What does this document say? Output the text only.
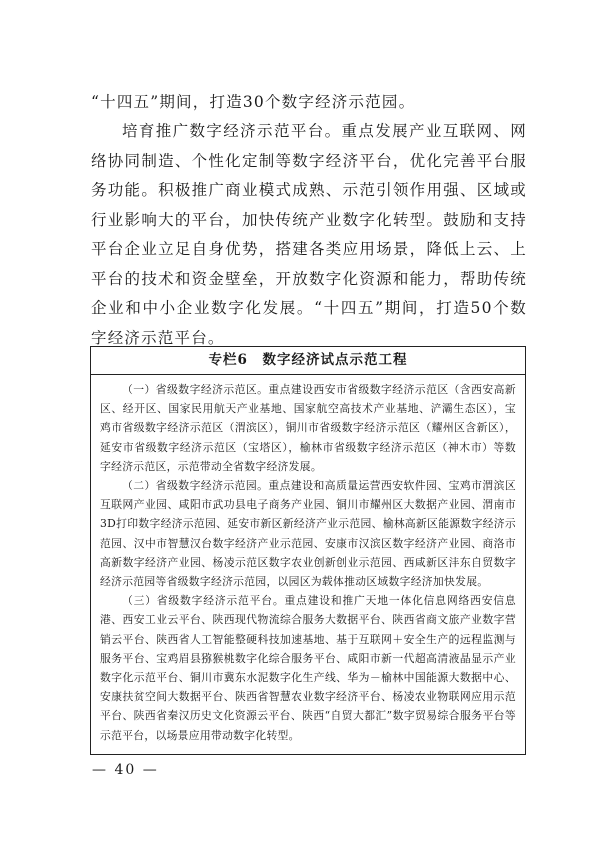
“十四五”期间，打造30个数字经济示范园。

培育推广数字经济示范平台。重点发展产业互联网、网络协同制造、个性化定制等数字经济平台，优化完善平台服务功能。积极推广商业模式成熟、示范引领作用强、区域或行业影响大的平台，加快传统产业数字化转型。鼓励和支持平台企业立足自身优势，搭建各类应用场景，降低上云、上平台的技术和资金壁垒，开放数字化资源和能力，帮助传统企业和中小企业数字化发展。“十四五”期间，打造50个数字经济示范平台。

专栏6　数字经济试点示范工程

（一）省级数字经济示范区。重点建设西安市省级数字经济示范区（含西安高新区、经开区、国家民用航天产业基地、国家航空高技术产业基地、浐灞生态区），宝鸡市省级数字经济示范区（渭滨区），铜川市省级数字经济示范区（耀州区含新区），延安市省级数字经济示范区（宝塔区），榆林市省级数字经济示范区（神木市）等数字经济示范区，示范带动全省数字经济发展。

（二）省级数字经济示范园。重点建设和高质量运营西安软件园、宝鸡市渭滨区互联网产业园、咸阳市武功县电子商务产业园、铜川市耀州区大数据产业园、渭南市3D打印数字经济示范园、延安市新区新经济产业示范园、榆林高新区能源数字经济示范园、汉中市智慧汉台数字经济产业示范园、安康市汉滨区数字经济产业园、商洛市高新数字经济产业园、杨凌示范区数字农业创新创业示范园、西咸新区沣东自贸数字经济示范园等省级数字经济示范园，以园区为载体推动区域数字经济加快发展。

（三）省级数字经济示范平台。重点建设和推广天地一体化信息网络西安信息港、西安工业云平台、陕西现代物流综合服务大数据平台、陕西省商文旅产业数字营销云平台、陕西省人工智能整硬科技加速基地、基于互联网＋安全生产的远程监测与服务平台、宝鸡眉县猕猴桃数字化综合服务平台、咸阳市新一代超高清液晶显示产业数字化示范平台、铜川市冀东水泥数字化生产线、华为－榆林中国能源大数据中心、安康扶贫空间大数据平台、陕西省智慧农业数字经济平台、杨凌农业物联网应用示范平台、陕西省秦汉历史文化资源云平台、陕西“自贸大都汇”数字贸易综合服务平台等示范平台，以场景应用带动数字化转型。

— 40 —
